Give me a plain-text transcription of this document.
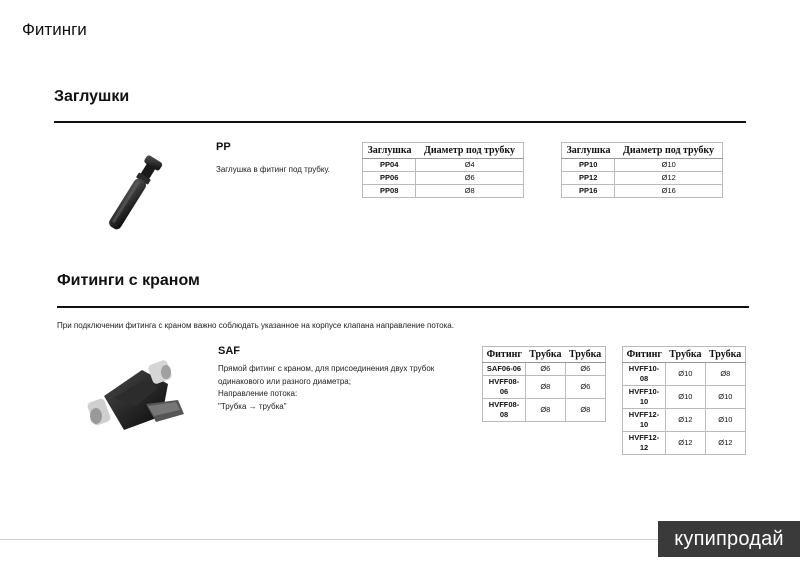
Фитинги
Заглушки
PP
Заглушка в фитинг под трубку.
Заглушка	Диаметр под трубку
PP04	Ø4
PP06	Ø6
PP08	Ø8
Заглушка	Диаметр под трубку
PP10	Ø10
PP12	Ø12
PP16	Ø16
Фитинги с краном
При подключении фитинга с краном важно соблюдать указанное на корпусе клапана направление потока.
SAF
Прямой фитинг с краном, для присоединения двух трубок
одинакового или разного диаметра;
Направление потока:
"Трубка → трубка"
Фитинг	Трубка	Трубка
SAF06-06	Ø6	Ø6
HVFF08-06	Ø8	Ø6
HVFF08-08	Ø8	Ø8
Фитинг	Трубка	Трубка
HVFF10-08	Ø10	Ø8
HVFF10-10	Ø10	Ø10
HVFF12-10	Ø12	Ø10
HVFF12-12	Ø12	Ø12
купипродай
